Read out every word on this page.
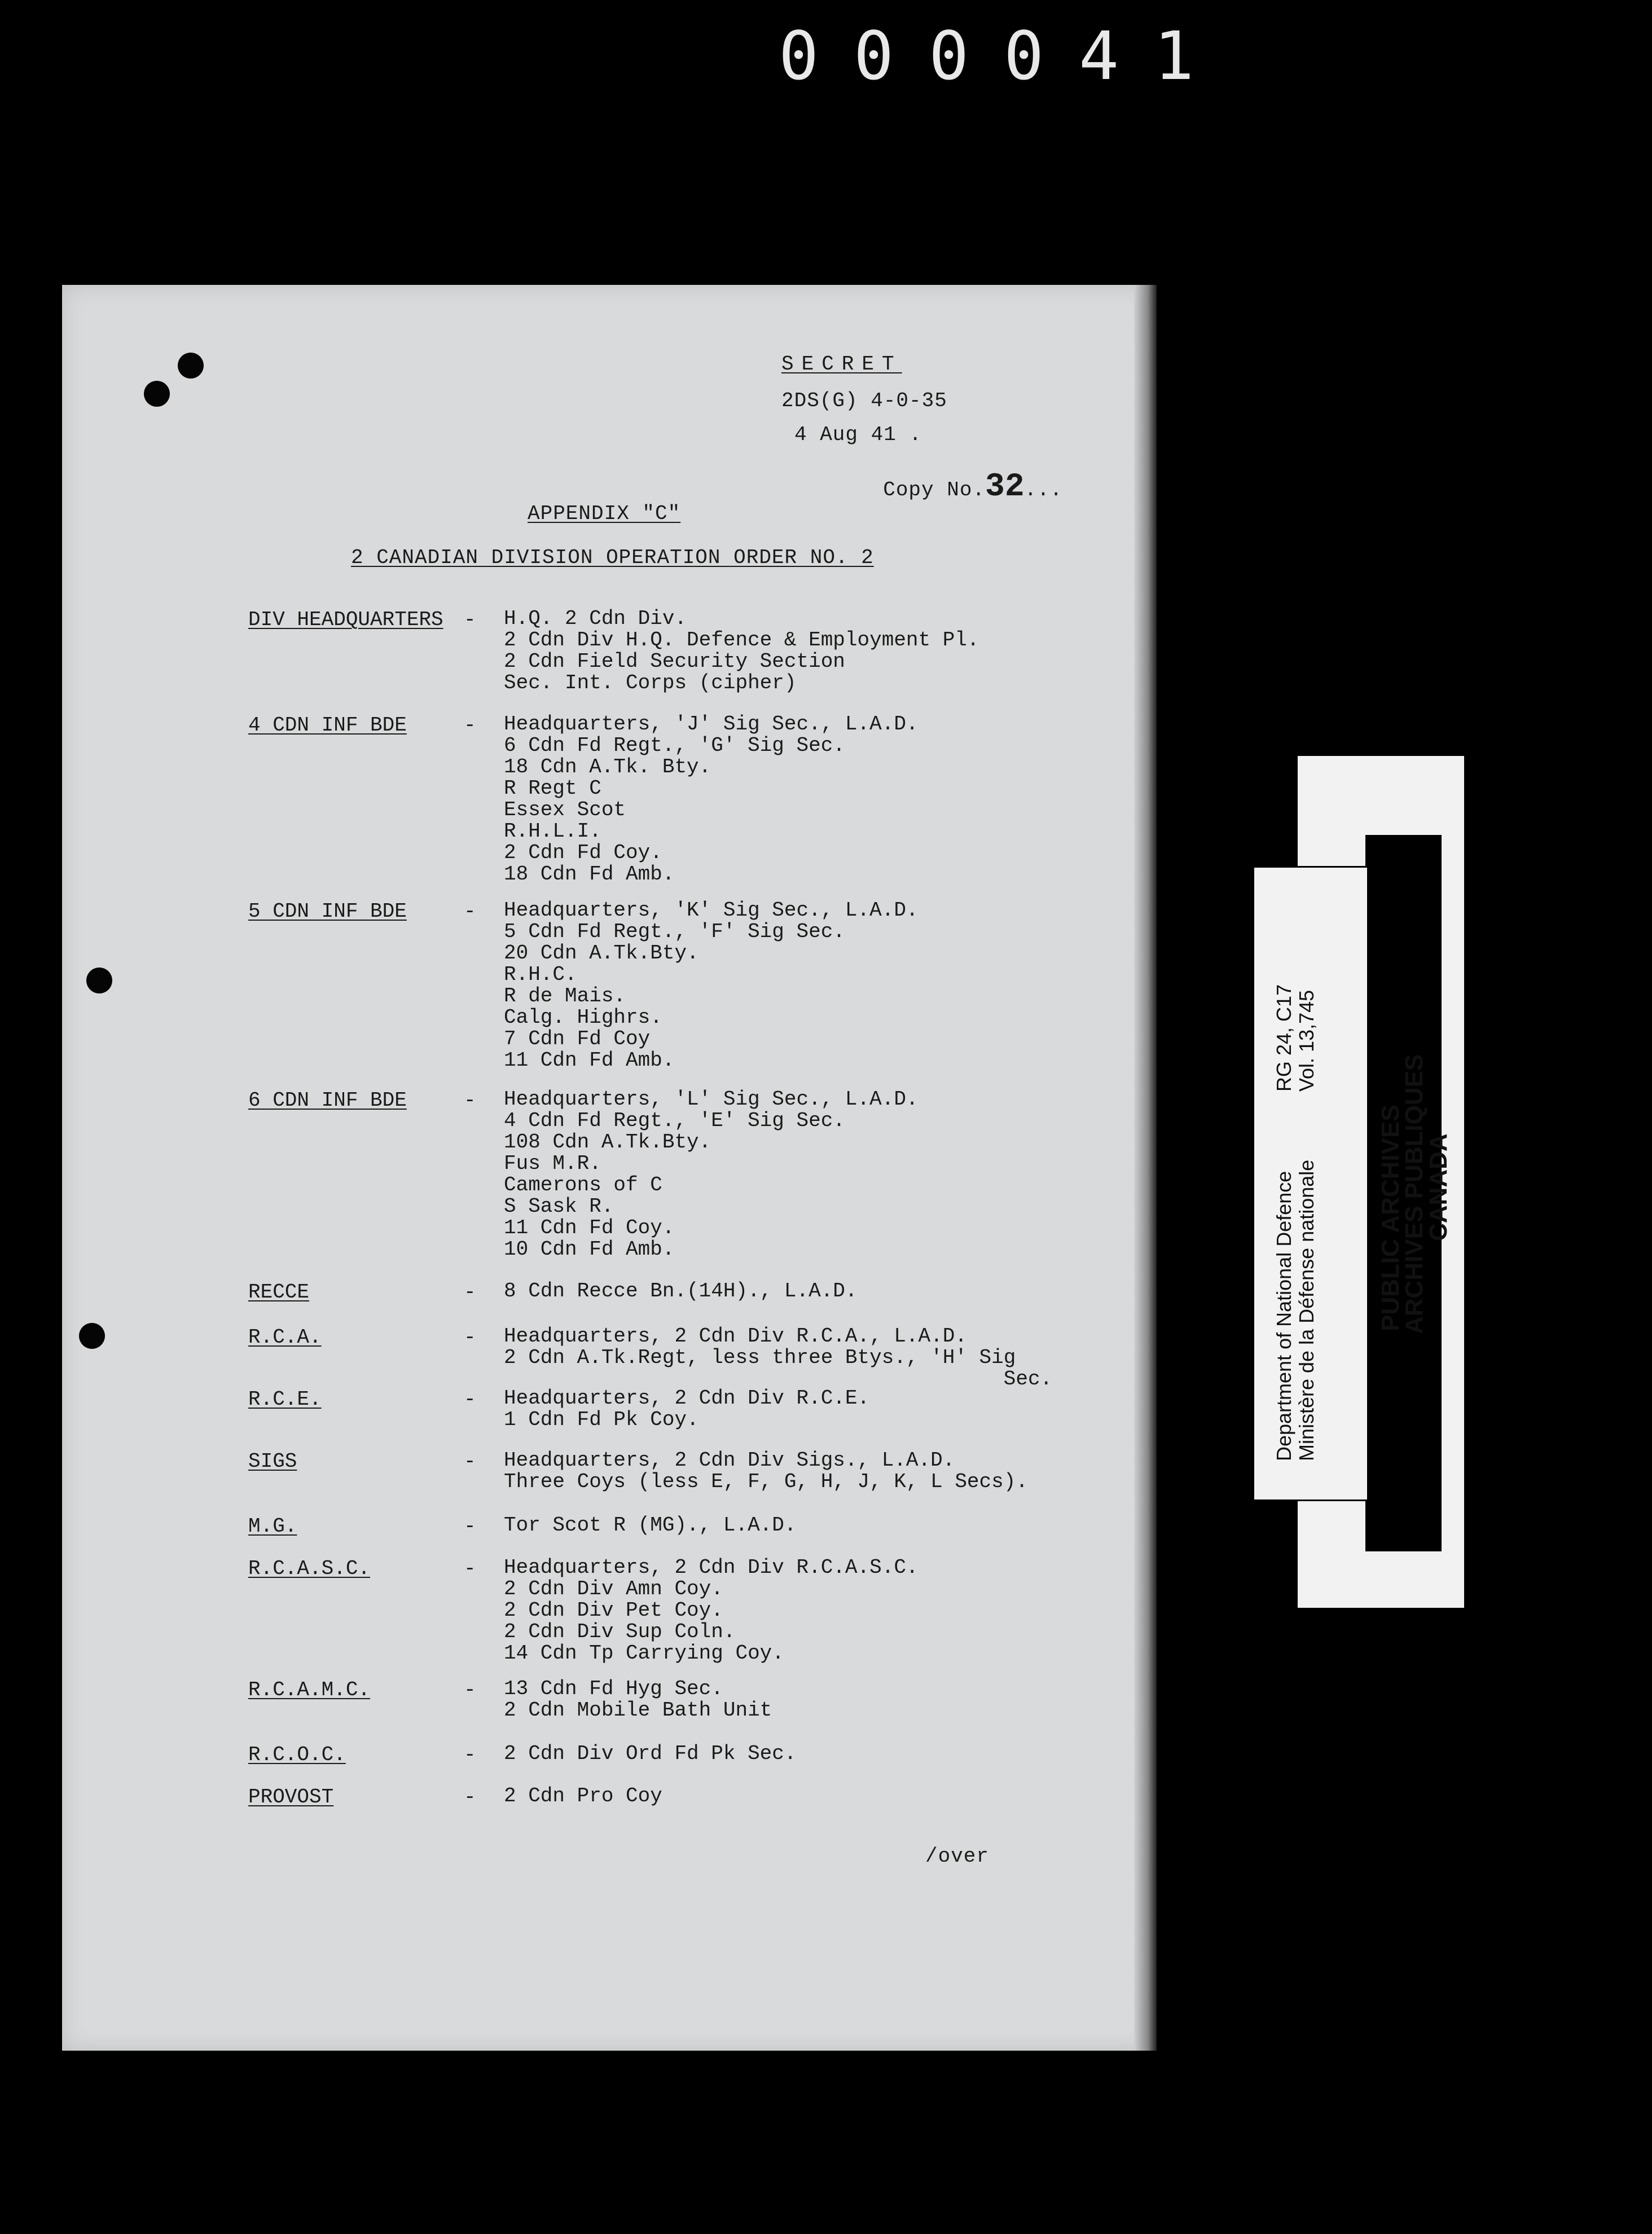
000041
SECRET
2DS(G) 4-0-35
4 Aug 41 .

Copy No.32...

APPENDIX "C"
2 CANADIAN DIVISION OPERATION ORDER NO. 2
DIV HEADQUARTERS - H.Q. 2 Cdn Div.
2 Cdn Div H.Q. Defence & Employment Pl.
2 Cdn Field Security Section
Sec. Int. Corps (cipher)
4 CDN INF BDE	- Headquarters, 'J' Sig Sec., L.A.D.
6 Cdn Fd Regt., 'G' Sig Sec.
18 Cdn A.Tk. Bty.
R Regt C
Essex Scot
R.H.L.I.
2 Cdn Fd Coy.
18 Cdn Fd Amb.
5 CDN INF BDE	- Headquarters, 'K' Sig Sec., L.A.D.
5 Cdn Fd Regt., 'F' Sig Sec.
20 Cdn A.Tk.Bty.
R.H.C.
R de Mais.
Calg. Highrs.
7 Cdn Fd Coy
11 Cdn Fd Amb.
6 CDN INF BDE	- Headquarters, 'L' Sig Sec., L.A.D.
4 Cdn Fd Regt., 'E' Sig Sec.
108 Cdn A.Tk.Bty.
Fus M.R.
Camerons of C
S Sask R.
11 Cdn Fd Coy.
10 Cdn Fd Amb.
RECCE	- 8 Cdn Recce Bn.(14H)., L.A.D.
R.C.A.	- Headquarters, 2 Cdn Div R.C.A., L.A.D.
2 Cdn A.Tk.Regt, less three Btys., 'H' Sig
Sec.
R.C.E.	- Headquarters, 2 Cdn Div R.C.E.
1 Cdn Fd Pk Coy.
SIGS	- Headquarters, 2 Cdn Div Sigs., L.A.D.
Three Coys (less E, F, G, H, J, K, L Secs).
M.G.	- Tor Scot R (MG)., L.A.D.
R.C.A.S.C.	- Headquarters, 2 Cdn Div R.C.A.S.C.
2 Cdn Div Amn Coy.
2 Cdn Div Pet Coy.
2 Cdn Div Sup Coln.
14 Cdn Tp Carrying Coy.
R.C.A.M.C.	- 13 Cdn Fd Hyg Sec.
2 Cdn Mobile Bath Unit
R.C.O.C.	- 2 Cdn Div Ord Fd Pk Sec.
PROVOST	- 2 Cdn Pro Coy
/over
Department of National Defence Ministère de la Défense nationale
RG 24, C17 Vol. 13,745
PUBLIC ARCHIVES
ARCHIVES PUBLIQUES
CANADA
